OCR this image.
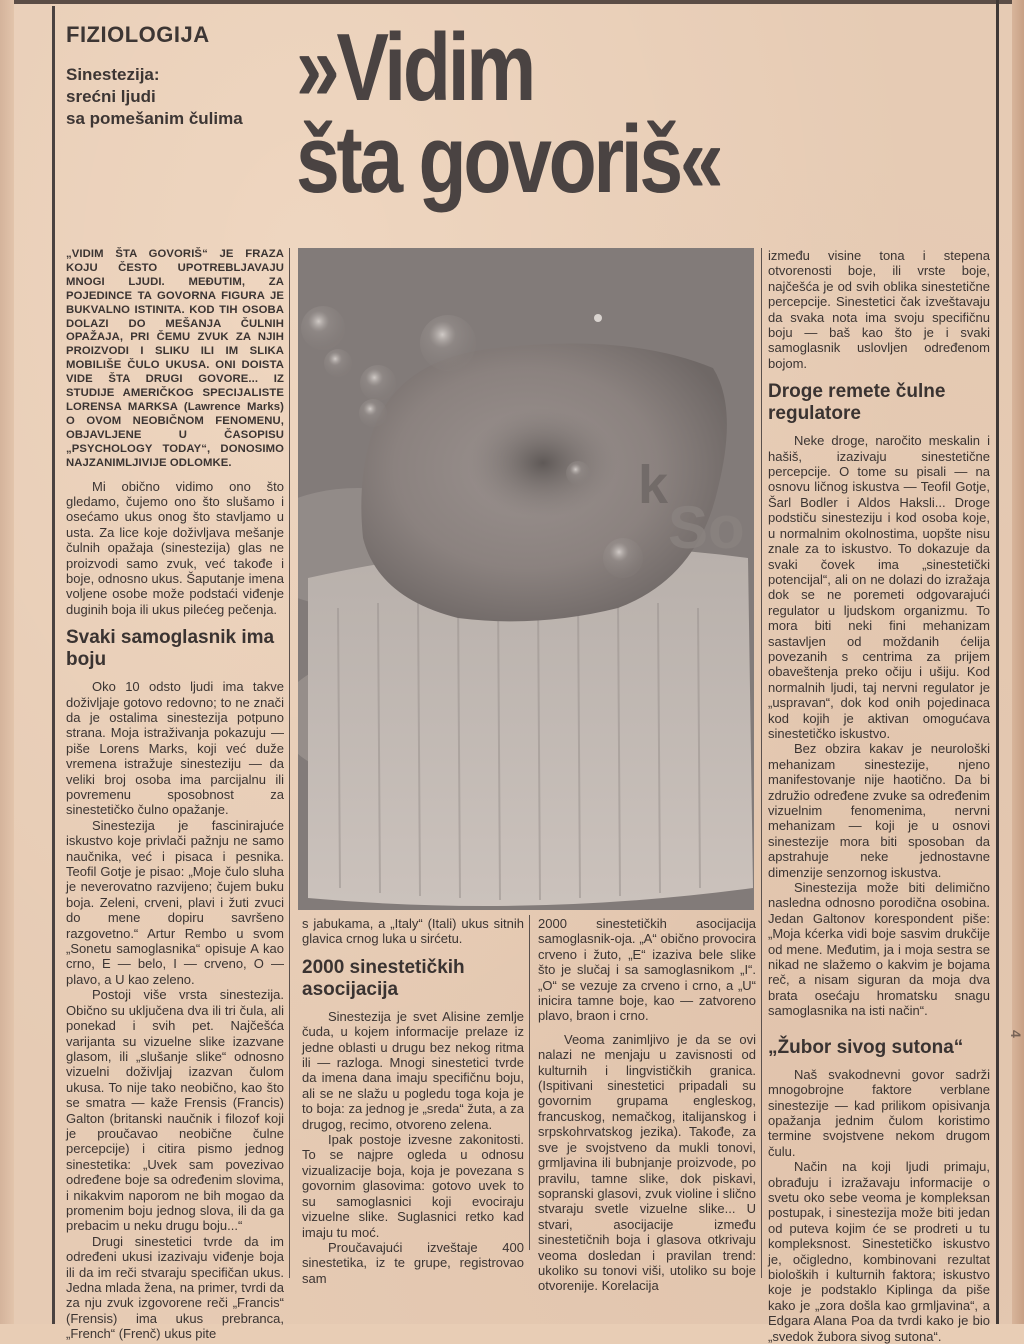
4
FIZIOLOGIJA
Sinestezija:
srećni ljudi
sa pomešanim čulima »Vidim
šta govoriš«

„VIDIM ŠTA GOVORIŠ“ JE FRAZA KOJU ČESTO UPOTREBLJAVAJU MNOGI LJUDI. MEĐUTIM, ZA POJEDINCE TA GOVORNA FIGURA JE BUKVALNO ISTINITA. KOD TIH OSOBA DOLAZI DO MEŠANJA ČULNIH OPAŽAJA, PRI ČEMU ZVUK ZA NJIH PROIZVODI I SLIKU ILI IM SLIKA MOBILIŠE ČULO UKUSA. ONI DOISTA VIDE ŠTA DRUGI GOVORE... IZ STUDIJE AMERIČKOG SPECIJALISTE LORENSA MARKSA (Lawrence Marks) O OVOM NEOBIČNOM FENOMENU, OBJAVLJENE U ČASOPISU „PSYCHOLOGY TODAY“, DONOSIMO NAJZANIMLJIVIJE ODLOMKE.

Mi obično vidimo ono što gledamo, čujemo ono što slušamo i osećamo ukus onog što stavljamo u usta. Za lice koje doživljava mešanje čulnih opažaja (sinestezija) glas ne proizvodi samo zvuk, već takođe i boje, odnosno ukus. Šaputanje imena voljene osobe može podstaći viđenje duginih boja ili ukus pilećeg pečenja.

Svaki samoglasnik ima boju

Oko 10 odsto ljudi ima takve doživljaje gotovo redovno; to ne znači da je ostalima sinestezija potpuno strana. Moja istraživanja pokazuju — piše Lorens Marks, koji već duže vremena istražuje sinesteziju — da veliki broj osoba ima parcijalnu ili povremenu sposobnost za sinestetičko čulno opažanje.

Sinestezija je fascinirajuće iskustvo koje privlači pažnju ne samo naučnika, već i pisaca i pesnika. Teofil Gotje je pisao: „Moje čulo sluha je neverovatno razvijeno; čujem buku boja. Zeleni, crveni, plavi i žuti zvuci do mene dopiru savršeno razgovetno.“ Artur Rembo u svom „Sonetu samoglasnika“ opisuje A kao crno, E — belo, I — crveno, O — plavo, a U kao zeleno.

Postoji više vrsta sinestezija. Obično su uključena dva ili tri čula, ali ponekad i svih pet. Najčešća varijanta su vizuelne slike izazvane glasom, ili „slušanje slike“ odnosno vizuelni doživljaj izazvan čulom ukusa. To nije tako neobično, kao što se smatra — kaže Frensis (Francis) Galton (britanski naučnik i filozof koji je proučavao neobične čulne percepcije) i citira pismo jednog sinestetika: „Uvek sam povezivao određene boje sa određenim slovima, i nikakvim naporom ne bih mogao da promenim boju jednog slova, ili da ga prebacim u neku drugu boju...“

Drugi sinestetici tvrde da im određeni ukusi izazivaju viđenje boja ili da im reči stvaraju specifičan ukus. Jedna mlada žena, na primer, tvrdi da za nju zvuk izgovorene reči „Francis“ (Frensis) ima ukus prebranca, „French“ (Frenč) ukus pite

k
So

s jabukama, a „Italy“ (Itali) ukus sitnih glavica crnog luka u sirćetu.

2000 sinestetičkih asocijacija

Sinestezija je svet Alisine zemlje čuda, u kojem informacije prelaze iz jedne oblasti u drugu bez nekog ritma ili — razloga. Mnogi sinestetici tvrde da imena dana imaju specifičnu boju, ali se ne slažu u pogledu toga koja je to boja: za jednog je „sreda“ žuta, a za drugog, recimo, otvoreno zelena.

Ipak postoje izvesne zakonitosti. To se najpre ogleda u odnosu vizualizacije boja, koja je povezana s govornim glasovima: gotovo uvek to su samoglasnici koji evociraju vizuelne slike. Suglasnici retko kad imaju tu moć.

Proučavajući izveštaje 400 sinestetika, iz te grupe, registrovao sam

2000 sinestetičkih asocijacija samoglasnik-oja. „A“ obično provocira crveno i žuto, „E“ izaziva bele slike što je slučaj i sa samoglasnikom „I“. „O“ se vezuje za crveno i crno, a „U“ inicira tamne boje, kao — zatvoreno plavo, braon i crno.

Veoma zanimljivo je da se ovi nalazi ne menjaju u zavisnosti od kulturnih i lingvističkih granica. (Ispitivani sinestetici pripadali su govornim grupama engleskog, francuskog, nemačkog, italijanskog i srpskohrvatskog jezika). Takođe, za sve je svojstveno da mukli tonovi, grmljavina ili bubnjanje proizvode, po pravilu, tamne slike, dok piskavi, sopranski glasovi, zvuk violine i slično stvaraju svetle vizuelne slike... U stvari, asocijacije između sinestetičnih boja i glasova otkrivaju veoma dosledan i pravilan trend: ukoliko su tonovi viši, utoliko su boje otvorenije. Korelacija

između visine tona i stepena otvorenosti boje, ili vrste boje, najčešća je od svih oblika sinestetične percepcije. Sinestetici čak izveštavaju da svaka nota ima svoju specifičnu boju — baš kao što je i svaki samoglasnik uslovljen određenom bojom.

Droge remete čulne regulatore

Neke droge, naročito meskalin i hašiš, izazivaju sinestetične percepcije. O tome su pisali — na osnovu ličnog iskustva — Teofil Gotje, Šarl Bodler i Aldos Haksli... Droge podstiču sinesteziju i kod osoba koje, u normalnim okolnostima, uopšte nisu znale za to iskustvo. To dokazuje da svaki čovek ima „sinestetički potencijal“, ali on ne dolazi do izražaja dok se ne poremeti odgovarajući regulator u ljudskom organizmu. To mora biti neki fini mehanizam sastavljen od moždanih ćelija povezanih s centrima za prijem obaveštenja preko očiju i ušiju. Kod normalnih ljudi, taj nervni regulator je „uspravan“, dok kod onih pojedinaca kod kojih je aktivan omogućava sinestetičko iskustvo.

Bez obzira kakav je neurološki mehanizam sinestezije, njeno manifestovanje nije haotično. Da bi združio određene zvuke sa određenim vizuelnim fenomenima, nervni mehanizam — koji je u osnovi sinestezije mora biti sposoban da apstrahuje neke jednostavne dimenzije senzornog iskustva.

Sinestezija može biti delimično nasledna odnosno porodična osobina. Jedan Galtonov korespondent piše: „Moja kćerka vidi boje sasvim drukčije od mene. Međutim, ja i moja sestra se nikad ne slažemo o kakvim je bojama reč, a nisam siguran da moja dva brata osećaju hromatsku snagu samoglasnika na isti način“.

„Žubor sivog sutona“

Naš svakodnevni govor sadrži mnogobrojne faktore verblane sinestezije — kad prilikom opisivanja opažanja jednim čulom koristimo termine svojstvene nekom drugom čulu.

Način na koji ljudi primaju, obrađuju i izražavaju informacije o svetu oko sebe veoma je kompleksan postupak, i sinestezija može biti jedan od puteva kojim će se prodreti u tu kompleksnost. Sinestetičko iskustvo je, očigledno, kombinovani rezultat bioloških i kulturnih faktora; iskustvo koje je podstaklo Kiplinga da piše kako je „zora došla kao grmljavina“, a Edgara Alana Poa da tvrdi kako je bio „svedok žubora sivog sutona“.
